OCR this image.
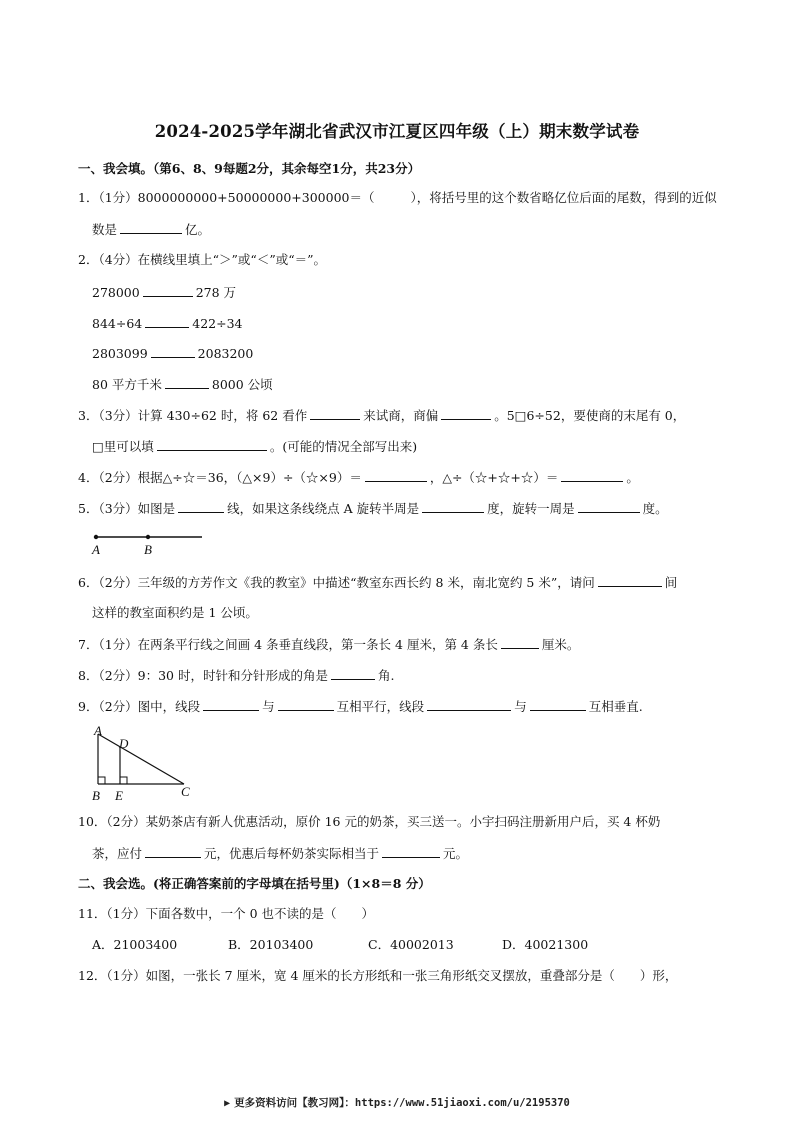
2024-2025学年湖北省武汉市江夏区四年级（上）期末数学试卷
一、我会填。（第6、8、9每题2分，其余每空1分，共23分）
1．（1分）8000000000+50000000+300000＝（	），将括号里的这个数省略亿位后面的尾数，得到的近似
数是	亿。
2．（4分）在横线里填上“＞”或“＜”或“＝”。
278000	278 万
844÷64	422÷34
2803099	2083200
80 平方千米	8000 公顷
3．（3分）计算 430÷62 时，将 62 看作	来试商，商偏	。5□6÷52，要使商的末尾有 0，
□里可以填	。(可能的情况全部写出来)
4．（2分）根据△÷☆＝36，（△×9）÷（☆×9）＝	，△÷（☆+☆+☆）＝	。
5．（3分）如图是	线，如果这条线绕点 A 旋转半周是	度，旋转一周是	度。
A	B
6．（2分）三年级的方芳作文《我的教室》中描述“教室东西长约 8 米，南北宽约 5 米”，请问	间
这样的教室面积约是 1 公顷。
7．（1分）在两条平行线之间画 4 条垂直线段，第一条长 4 厘米，第 4 条长	厘米。
8．（2分）9：30 时，时针和分针形成的角是	角.
9．（2分）图中，线段	与	互相平行，线段	与	互相垂直.
A
D
B E	C
10．（2分）某奶茶店有新人优惠活动，原价 16 元的奶茶，买三送一。小宇扫码注册新用户后，买 4 杯奶
茶，应付	元，优惠后每杯奶茶实际相当于	元。
二、我会选。(将正确答案前的字母填在括号里)（1×8＝8 分）
11．（1分）下面各数中，一个 0 也不读的是（　　）
A．21003400	B．20103400	C．40002013	D．40021300
12．（1分）如图，一张长 7 厘米，宽 4 厘米的长方形纸和一张三角形纸交叉摆放，重叠部分是（　　）形，
▶ 更多资料访问【教习网】：https://www.51jiaoxi.com/u/2195370
